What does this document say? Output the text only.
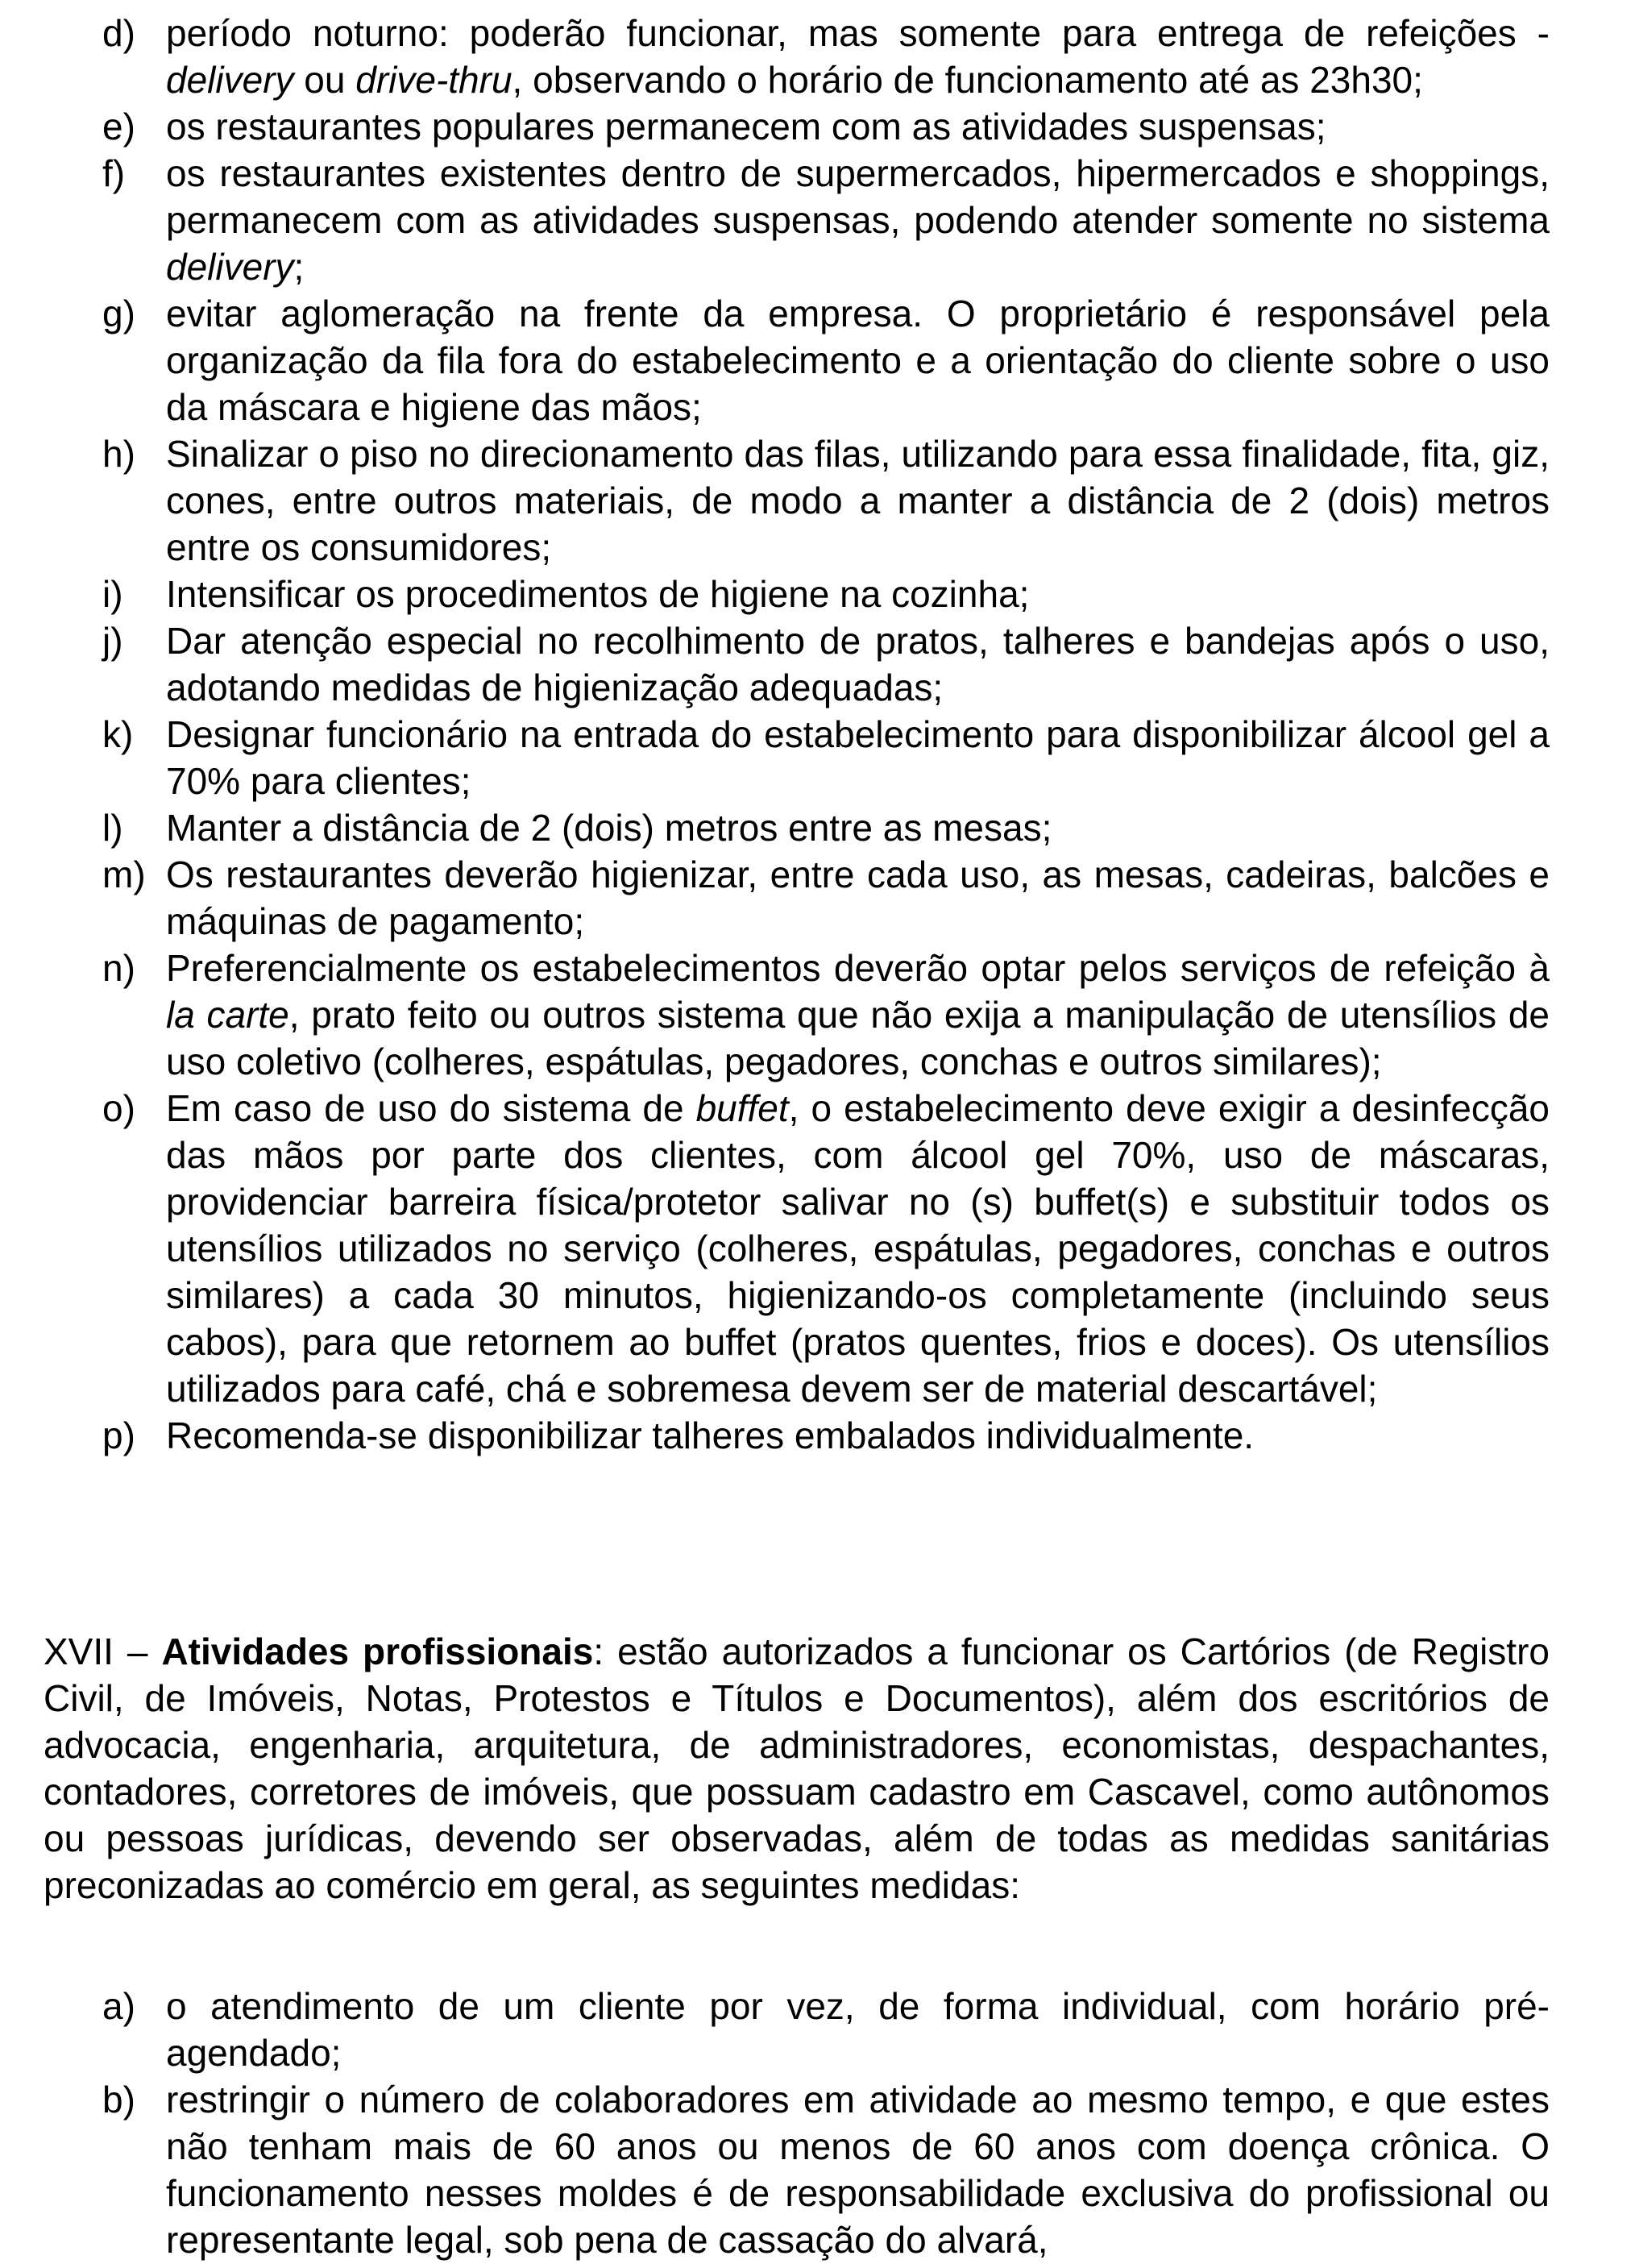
d) período noturno: poderão funcionar, mas somente para entrega de refeições - delivery ou drive-thru, observando o horário de funcionamento até as 23h30;
e) os restaurantes populares permanecem com as atividades suspensas;
f) os restaurantes existentes dentro de supermercados, hipermercados e shoppings, permanecem com as atividades suspensas, podendo atender somente no sistema delivery;
g) evitar aglomeração na frente da empresa. O proprietário é responsável pela organização da fila fora do estabelecimento e a orientação do cliente sobre o uso da máscara e higiene das mãos;
h) Sinalizar o piso no direcionamento das filas, utilizando para essa finalidade, fita, giz, cones, entre outros materiais, de modo a manter a distância de 2 (dois) metros entre os consumidores;
i) Intensificar os procedimentos de higiene na cozinha;
j) Dar atenção especial no recolhimento de pratos, talheres e bandejas após o uso, adotando medidas de higienização adequadas;
k) Designar funcionário na entrada do estabelecimento para disponibilizar álcool gel a 70% para clientes;
l) Manter a distância de 2 (dois) metros entre as mesas;
m) Os restaurantes deverão higienizar, entre cada uso, as mesas, cadeiras, balcões e máquinas de pagamento;
n) Preferencialmente os estabelecimentos deverão optar pelos serviços de refeição à la carte, prato feito ou outros sistema que não exija a manipulação de utensílios de uso coletivo (colheres, espátulas, pegadores, conchas e outros similares);
o) Em caso de uso do sistema de buffet, o estabelecimento deve exigir a desinfecção das mãos por parte dos clientes, com álcool gel 70%, uso de máscaras, providenciar barreira física/protetor salivar no (s) buffet(s) e substituir todos os utensílios utilizados no serviço (colheres, espátulas, pegadores, conchas e outros similares) a cada 30 minutos, higienizando-os completamente (incluindo seus cabos), para que retornem ao buffet (pratos quentes, frios e doces). Os utensílios utilizados para café, chá e sobremesa devem ser de material descartável;
p) Recomenda-se disponibilizar talheres embalados individualmente.

XVII – Atividades profissionais: estão autorizados a funcionar os Cartórios (de Registro Civil, de Imóveis, Notas, Protestos e Títulos e Documentos), além dos escritórios de advocacia, engenharia, arquitetura, de administradores, economistas, despachantes, contadores, corretores de imóveis, que possuam cadastro em Cascavel, como autônomos ou pessoas jurídicas, devendo ser observadas, além de todas as medidas sanitárias preconizadas ao comércio em geral, as seguintes medidas:

a) o atendimento de um cliente por vez, de forma individual, com horário pré-agendado;
b) restringir o número de colaboradores em atividade ao mesmo tempo, e que estes não tenham mais de 60 anos ou menos de 60 anos com doença crônica. O funcionamento nesses moldes é de responsabilidade exclusiva do profissional ou representante legal, sob pena de cassação do alvará,
